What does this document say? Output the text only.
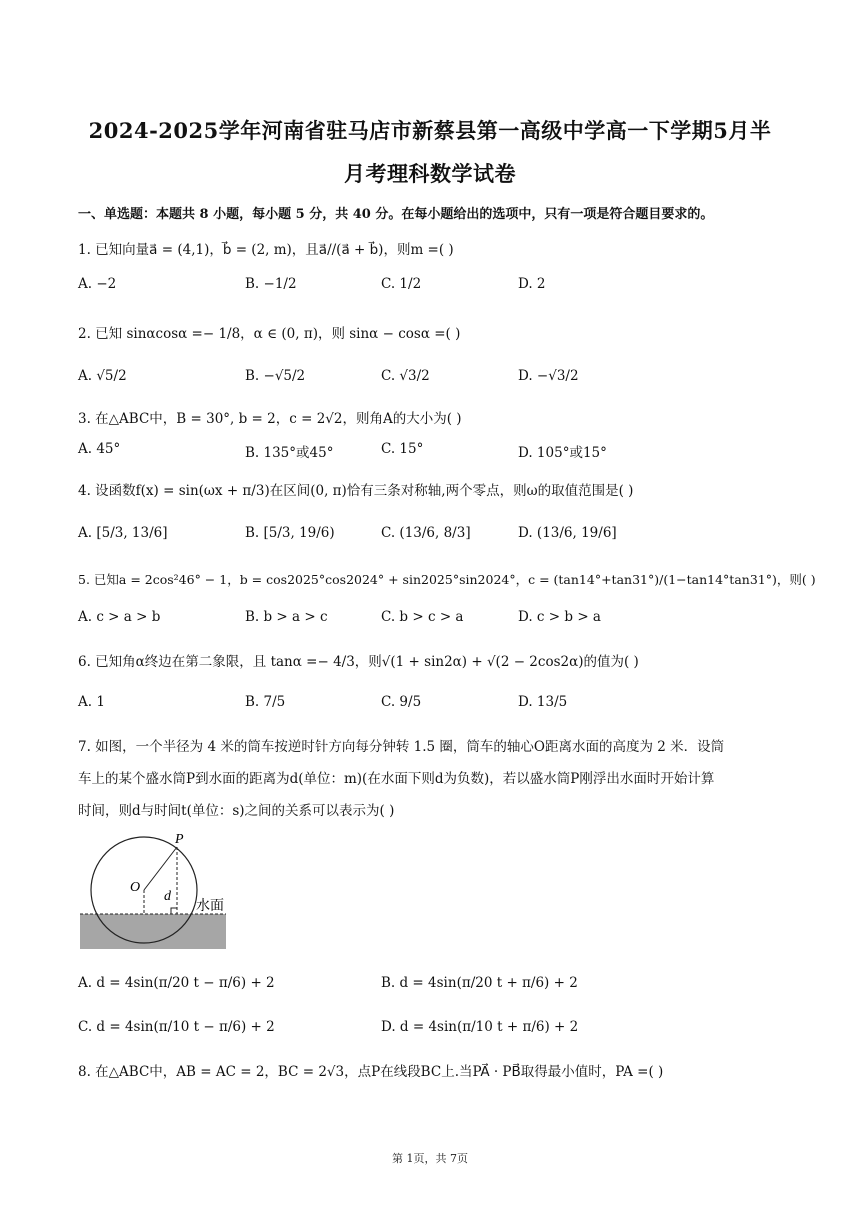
2024-2025学年河南省驻马店市新蔡县第一高级中学高一下学期5月半
月考理科数学试卷
一、单选题：本题共 8 小题，每小题 5 分，共 40 分。在每小题给出的选项中，只有一项是符合题目要求的。
1. 已知向量a⃗ = (4,1)，b⃗ = (2, m)，且a⃗//(a⃗ + b⃗)，则m =( )
A. −2	B. −1/2	C. 1/2	D. 2
2. 已知 sinαcosα =− 1/8，α ∈ (0, π)，则 sinα − cosα =( )
A. √5/2	B. −√5/2	C. √3/2	D. −√3/2
3. 在△ABC中，B = 30°, b = 2，c = 2√2，则角A的大小为( )
A. 45°	B. 135°或45°	C. 15°	D. 105°或15°
4. 设函数f(x) = sin(ωx + π/3)在区间(0, π)恰有三条对称轴,两个零点，则ω的取值范围是( )
A. [5/3, 13/6]	B. [5/3, 19/6)	C. (13/6, 8/3]	D. (13/6, 19/6]
5. 已知a = 2cos²46° − 1，b = cos2025°cos2024° + sin2025°sin2024°，c = (tan14°+tan31°)/(1−tan14°tan31°)，则( )
A. c > a > b	B. b > a > c	C. b > c > a	D. c > b > a
6. 已知角α终边在第二象限，且 tanα =− 4/3，则√(1 + sin2α) + √(2 − 2cos2α)的值为( )
A. 1	B. 7/5	C. 9/5	D. 13/5
7. 如图，一个半径为 4 米的筒车按逆时针方向每分钟转 1.5 圈，筒车的轴心O距离水面的高度为 2 米．设筒
车上的某个盛水筒P到水面的距离为d(单位：m)(在水面下则d为负数)，若以盛水筒P刚浮出水面时开始计算
时间，则d与时间t(单位：s)之间的关系可以表示为( )
P
O
d
水面
A. d = 4sin(π/20 t − π/6) + 2	B. d = 4sin(π/20 t + π/6) + 2
C. d = 4sin(π/10 t − π/6) + 2	D. d = 4sin(π/10 t + π/6) + 2
8. 在△ABC中，AB = AC = 2，BC = 2√3，点P在线段BC上.当PA⃗ · PB⃗取得最小值时，PA =( )
第 1页，共 7页
